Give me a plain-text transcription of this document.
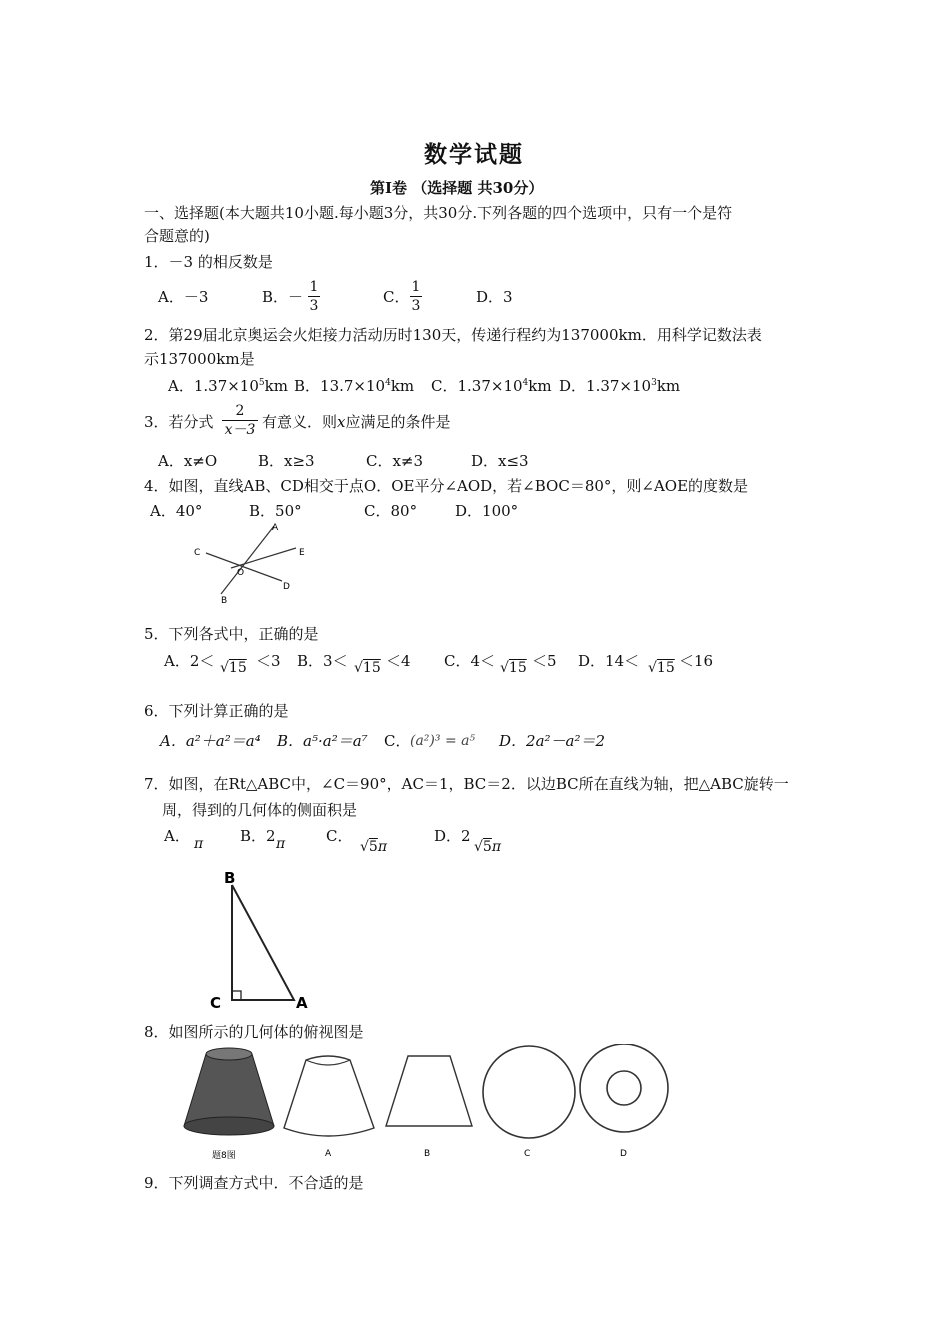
数学试题
第Ⅰ卷 （选择题 共30分）
一、选择题(本大题共10小题.每小题3分，共30分.下列各题的四个选项中，只有一个是符
合题意的)
1．－3 的相反数是
A．－3	B．－
1
3	C．
1
3	D．3
2．第29届北京奥运会火炬接力活动历时130天，传递行程约为137000km．用科学记数法表
示137000km是
A．$1.37\times 10^5km$ B．$13.7\times 10^4km$ C．$1.37\times 10^4km$ D．$1.37\times 10^3km$
3．若分式
2
x－3 有意义．则x应满足的条件是
A．x≠O	B．x≥3	C．x≠3	D．x≤3
4．如图，直线AB、CD相交于点O．OE平分∠AOD，若∠BOC＝80°，则∠AOE的度数是
A．40°	B．50°	C．80°	D．100°
A
C	E
O
D
B
5．下列各式中，正确的是
A．2＜ √15 ＜3 B．3＜ √15 ＜4 C．4＜ √15 ＜5 D．14＜ √15 ＜16
6．下列计算正确的是
A．a²＋a²＝a⁴ B．a⁵·a²＝a⁷ C． (a²)³ = a⁵ D．2a²－a²＝2
7．如图，在Rt△ABC中，∠C＝90°，AC＝1，BC＝2．以边BC所在直线为轴，把△ABC旋转一
周，得到的几何体的侧面积是
A． π B．2 π	C．
√5π
D．2
√5π
B
C	A
8．如图所示的几何体的俯视图是
题8图	A	B	C	D
9．下列调查方式中．不合适的是
